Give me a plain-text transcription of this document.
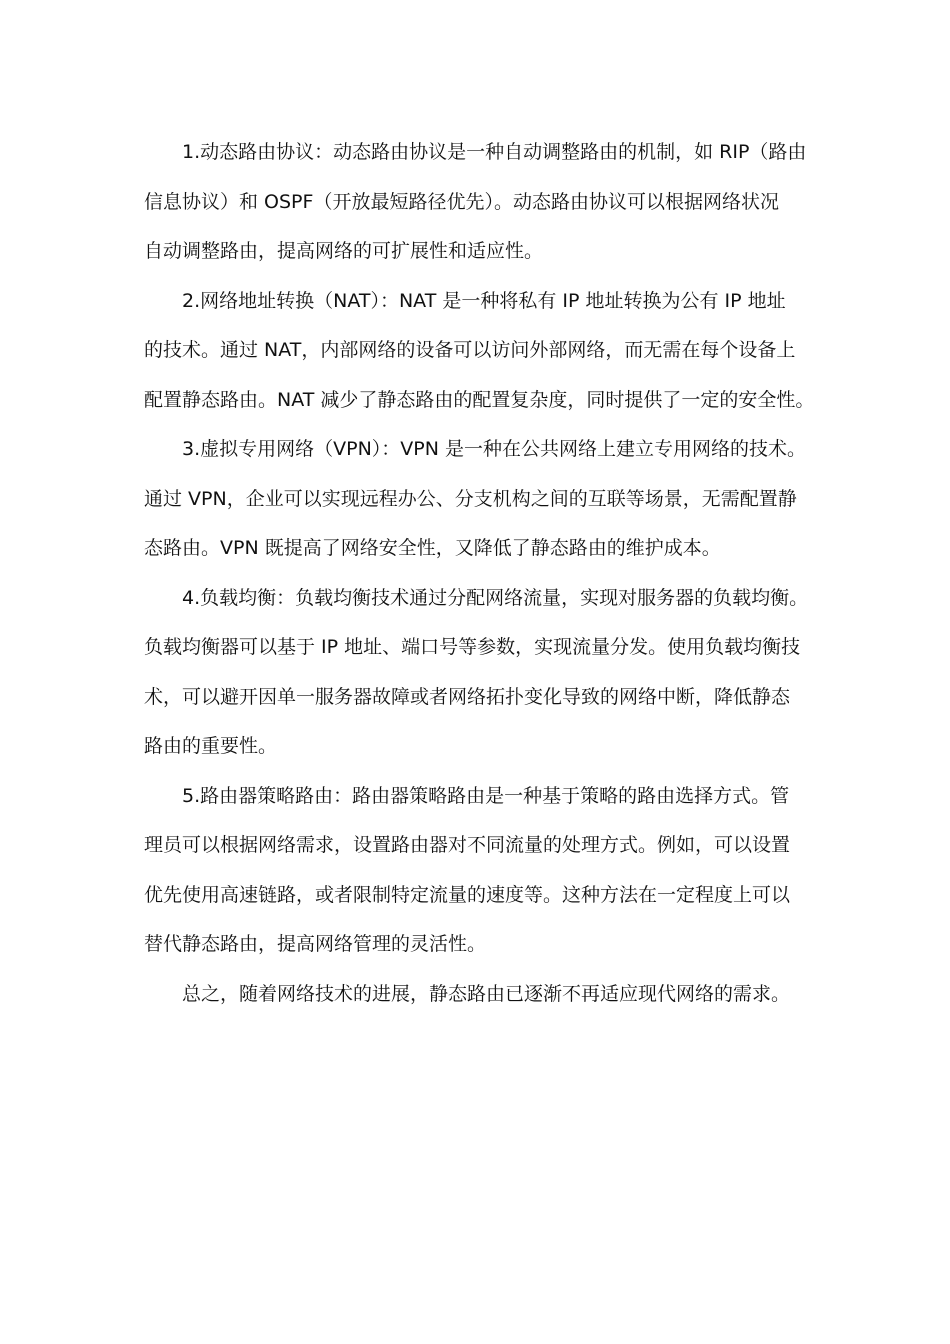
1.动态路由协议：动态路由协议是一种自动调整路由的机制，如 RIP（路由
信息协议）和 OSPF（开放最短路径优先）。动态路由协议可以根据网络状况
自动调整路由，提高网络的可扩展性和适应性。
2.网络地址转换（NAT）：NAT 是一种将私有 IP 地址转换为公有 IP 地址
的技术。通过 NAT，内部网络的设备可以访问外部网络，而无需在每个设备上
配置静态路由。NAT 减少了静态路由的配置复杂度，同时提供了一定的安全性。
3.虚拟专用网络（VPN）：VPN 是一种在公共网络上建立专用网络的技术。
通过 VPN，企业可以实现远程办公、分支机构之间的互联等场景，无需配置静
态路由。VPN 既提高了网络安全性，又降低了静态路由的维护成本。
4.负载均衡：负载均衡技术通过分配网络流量，实现对服务器的负载均衡。
负载均衡器可以基于 IP 地址、端口号等参数，实现流量分发。使用负载均衡技
术，可以避开因单一服务器故障或者网络拓扑变化导致的网络中断，降低静态
路由的重要性。
5.路由器策略路由：路由器策略路由是一种基于策略的路由选择方式。管
理员可以根据网络需求，设置路由器对不同流量的处理方式。例如，可以设置
优先使用高速链路，或者限制特定流量的速度等。这种方法在一定程度上可以
替代静态路由，提高网络管理的灵活性。
总之，随着网络技术的进展，静态路由已逐渐不再适应现代网络的需求。
